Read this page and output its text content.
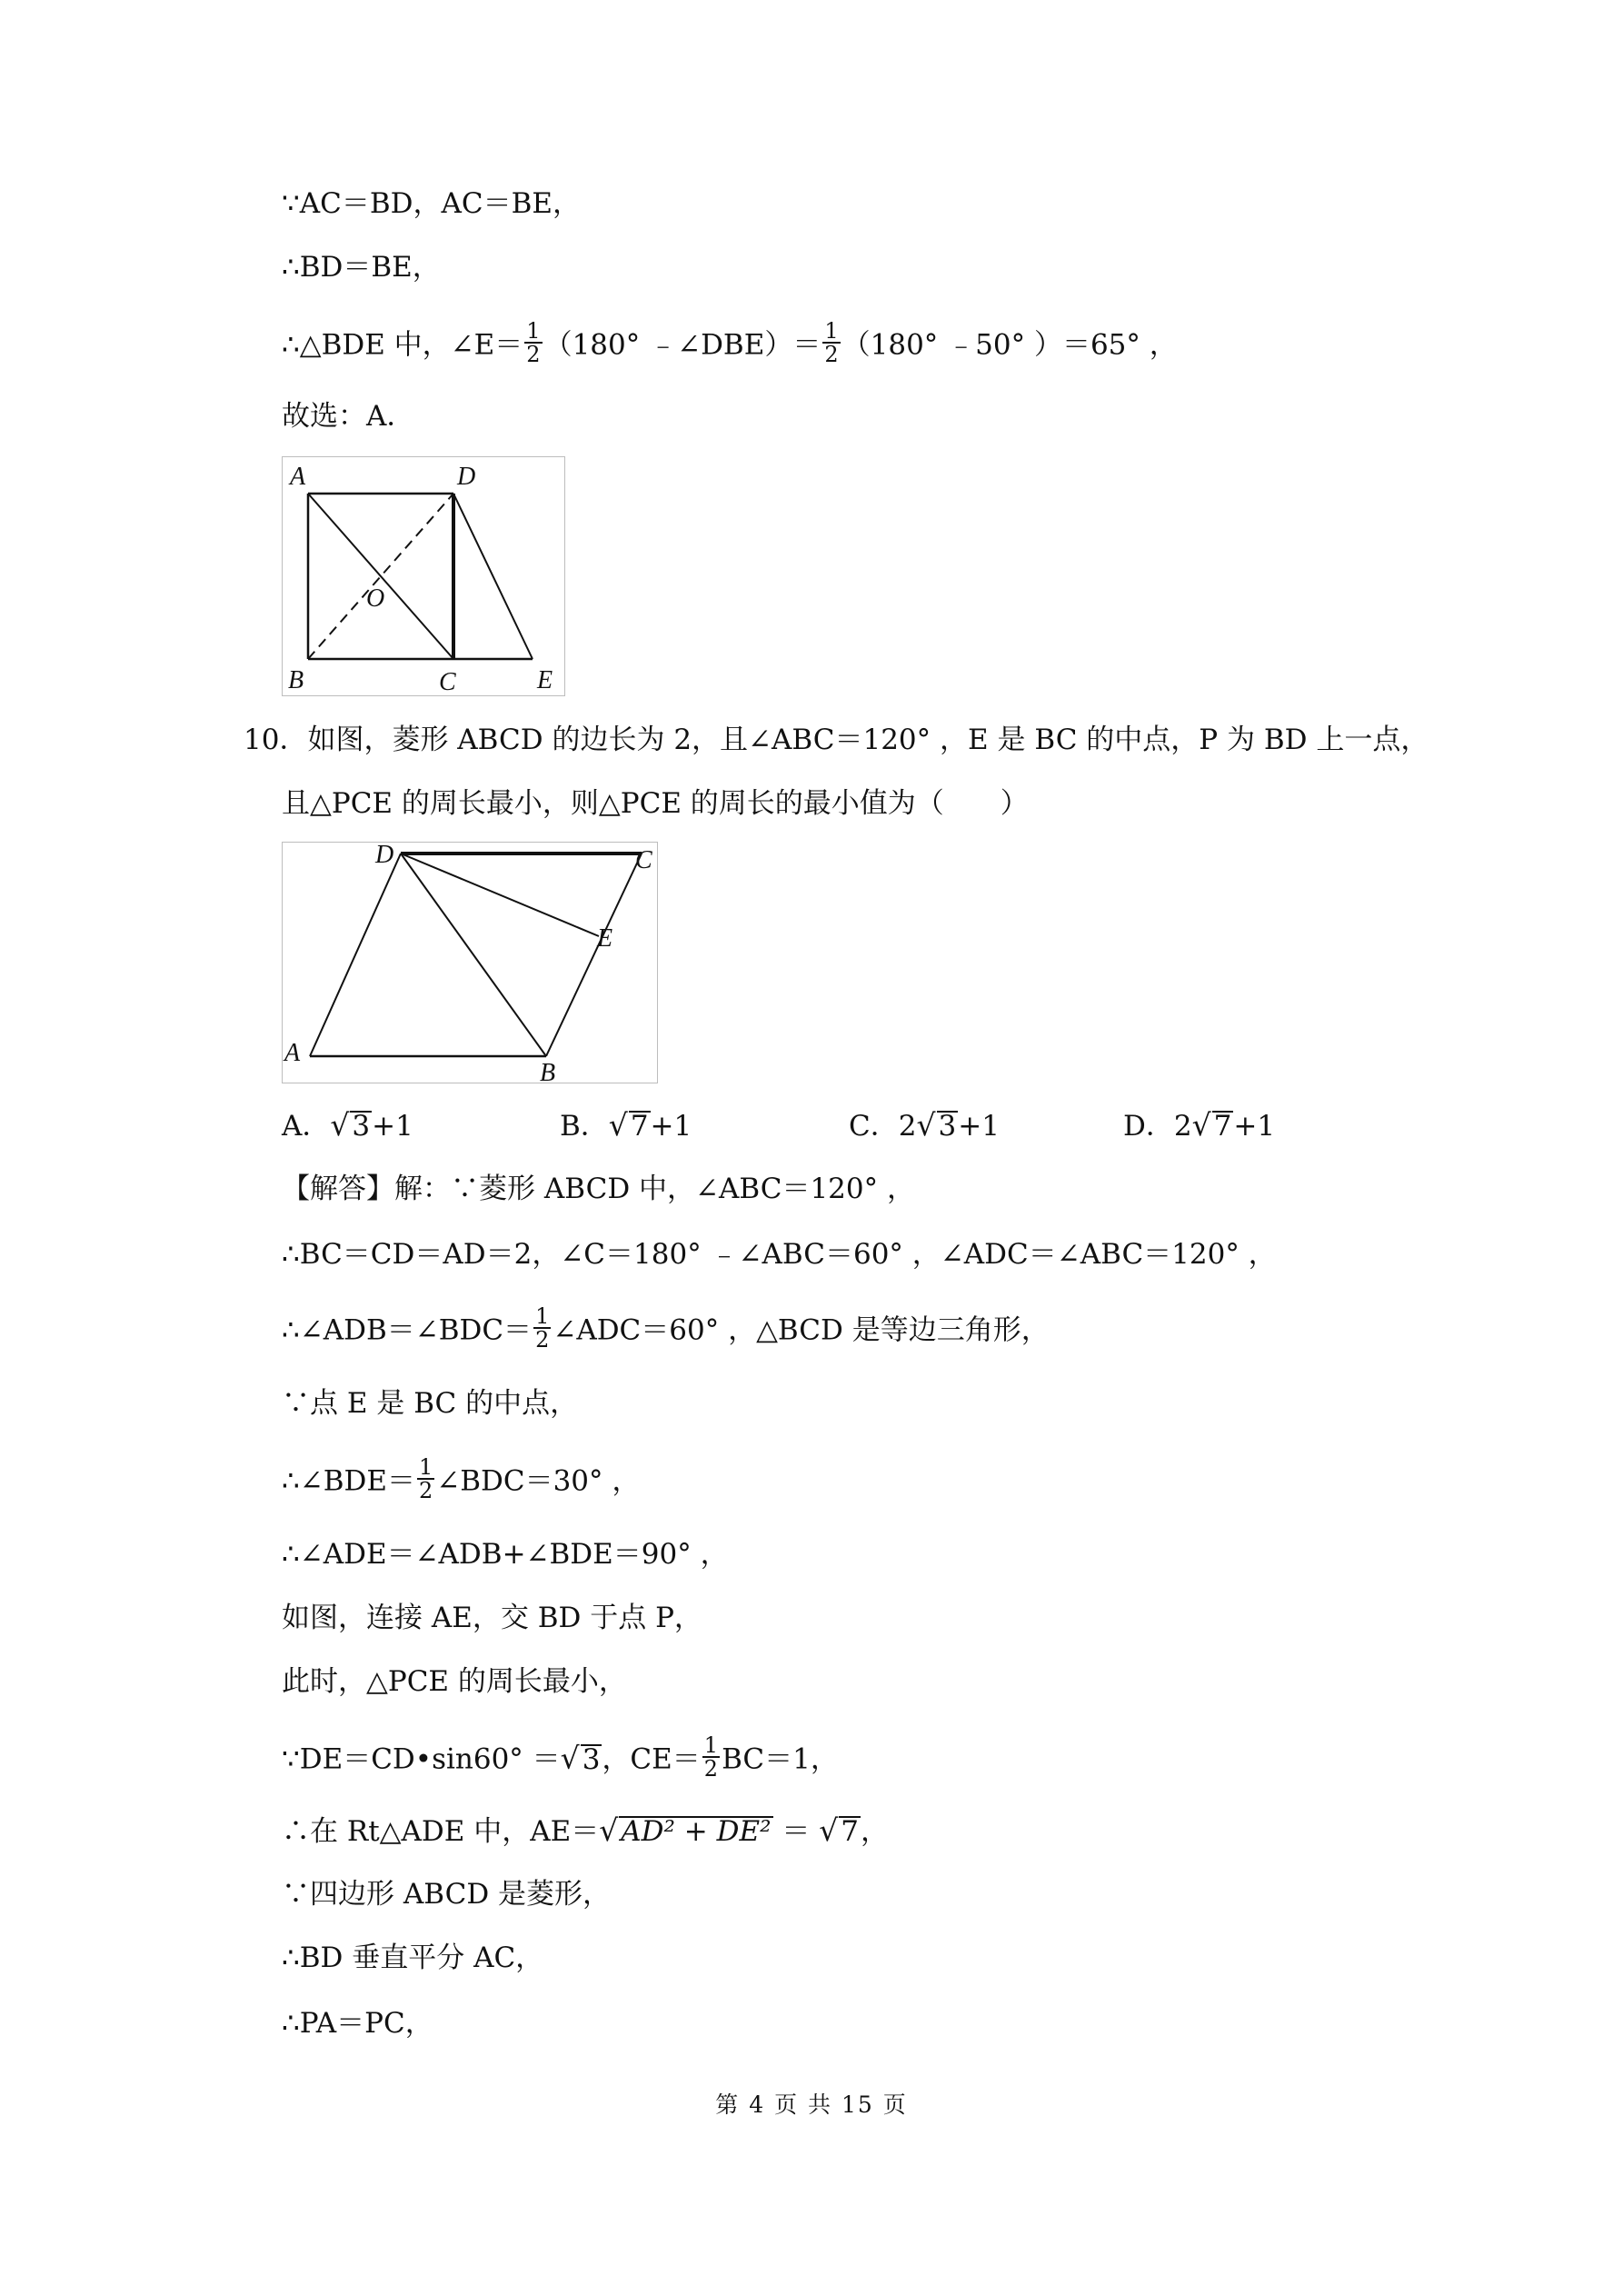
∵AC＝BD，AC＝BE，
∴BD＝BE，
∴△BDE 中，∠E＝ $\frac{1}{2} (180^\circ$ ﹣∠DBE）＝ $\frac{1}{2} (180^\circ$ ﹣50° ）＝65° ，
故选：A．
A	D
O
B	C	E
10．如图，菱形 ABCD 的边长为 2，且∠ABC＝120° ，E 是 BC 的中点，P 为 BD 上一点，
且△PCE 的周长最小，则△PCE 的周长的最小值为（　　）
D	C
E
A
B
A．√3+1	B．√7+1	C．2√3+1	D．2√7+1
【解答】解：∵菱形 ABCD 中，∠ABC＝120° ，
∴BC＝CD＝AD＝2，∠C＝180° ﹣∠ABC＝60° ，∠ADC＝∠ABC＝120° ，
∴∠ADB＝∠BDC＝ $\frac{1}{2}$ ∠ADC＝60° ，△BCD 是等边三角形，
∵点 E 是 BC 的中点，
∴∠BDE＝ $\frac{1}{2}$ ∠BDC＝30° ，
∴∠ADE＝∠ADB+∠BDE＝90° ，
如图，连接 AE，交 BD 于点 P，
此时，△PCE 的周长最小，
∵DE＝CD•sin60° ＝√3，$CE= \frac{1}{2} BC=1$，
∴在 Rt△ADE 中，AE＝√AD² + DE² ＝ √7，
∵四边形 ABCD 是菱形，
∴BD 垂直平分 AC，
∴PA＝PC，
第 4 页 共 15 页
